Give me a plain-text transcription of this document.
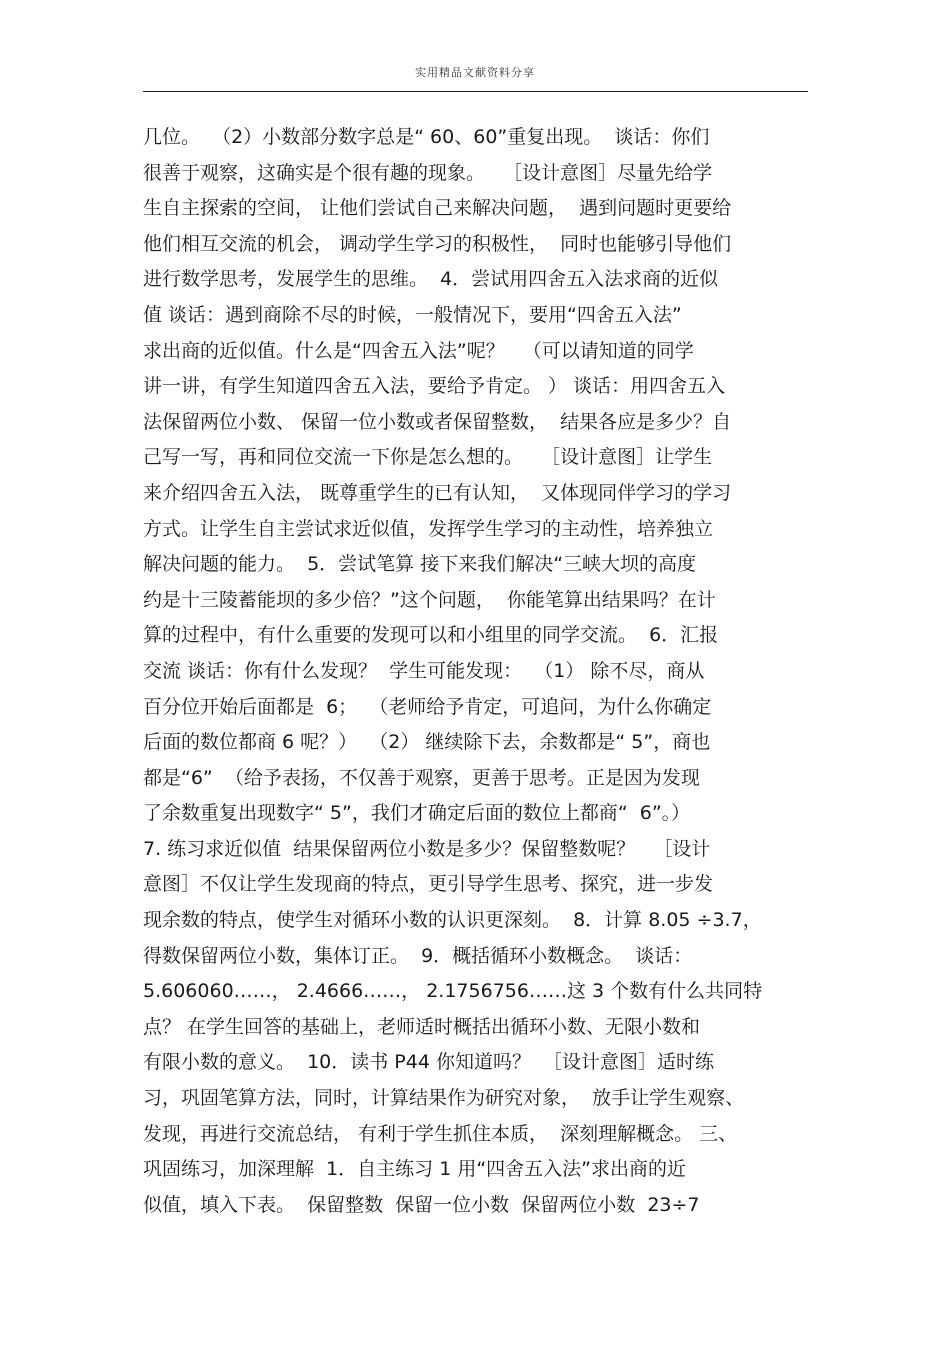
实用精品文献资料分享
几位。  （2）小数部分数字总是“ 60、60”重复出现。  谈话：你们
很善于观察，这确实是个很有趣的现象。   ［设计意图］尽量先给学
生自主探索的空间， 让他们尝试自己来解决问题，  遇到问题时更要给
他们相互交流的机会， 调动学生学习的积极性，  同时也能够引导他们
进行数学思考，发展学生的思维。  4．尝试用四舍五入法求商的近似
值 谈话：遇到商除不尽的时候，一般情况下，要用“四舍五入法”
求出商的近似值。什么是“四舍五入法”呢？   （可以请知道的同学
讲一讲，有学生知道四舍五入法，要给予肯定。 ） 谈话：用四舍五入
法保留两位小数、 保留一位小数或者保留整数，  结果各应是多少？自
己写一写，再和同位交流一下你是怎么想的。   ［设计意图］让学生
来介绍四舍五入法， 既尊重学生的已有认知，  又体现同伴学习的学习
方式。让学生自主尝试求近似值，发挥学生学习的主动性，培养独立
解决问题的能力。  5．尝试笔算 接下来我们解决“三峡大坝的高度
约是十三陵蓄能坝的多少倍？”这个问题，  你能笔算出结果吗？在计
算的过程中，有什么重要的发现可以和小组里的同学交流。  6．汇报
交流 谈话：你有什么发现？  学生可能发现：  （1） 除不尽，商从
百分位开始后面都是  6；  （老师给予肯定，可追问，为什么你确定
后面的数位都商 6 呢？）  （2） 继续除下去，余数都是“ 5”，商也
都是“6”  （给予表扬，不仅善于观察，更善于思考。正是因为发现
了余数重复出现数字“ 5”，我们才确定后面的数位上都商“  6”。）
7. 练习求近似值  结果保留两位小数是多少？保留整数呢？   ［设计
意图］不仅让学生发现商的特点，更引导学生思考、探究，进一步发
现余数的特点，使学生对循环小数的认识更深刻。  8．计算 8.05 ÷3.7，
得数保留两位小数，集体订正。  9．概括循环小数概念。  谈话：
5.606060……， 2.4666……， 2.1756756……这 3 个数有什么共同特
点？ 在学生回答的基础上，老师适时概括出循环小数、无限小数和
有限小数的意义。  10．读书 P44 你知道吗？  ［设计意图］适时练
习，巩固笔算方法，同时，计算结果作为研究对象，  放手让学生观察、
发现，再进行交流总结， 有利于学生抓住本质，  深刻理解概念。 三、
巩固练习，加深理解  1．自主练习 1 用“四舍五入法”求出商的近
似值，填入下表。  保留整数  保留一位小数  保留两位小数  23÷7
